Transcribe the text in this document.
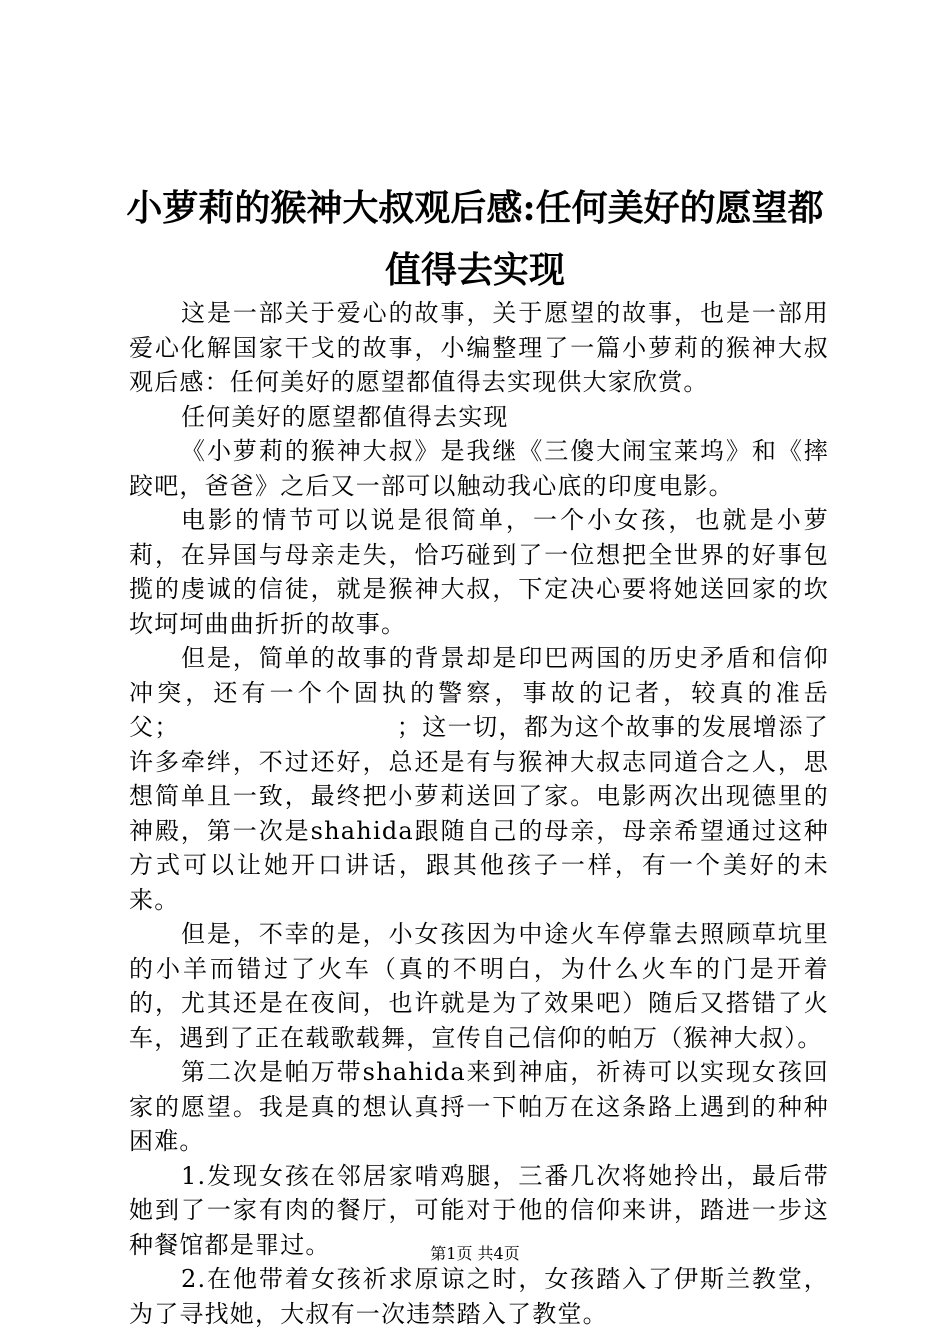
小萝莉的猴神大叔观后感:任何美好的愿望都
值得去实现

这是一部关于爱心的故事，关于愿望的故事，也是一部用爱心化解国家干戈的故事，小编整理了一篇小萝莉的猴神大叔观后感：任何美好的愿望都值得去实现供大家欣赏。

任何美好的愿望都值得去实现

《小萝莉的猴神大叔》是我继《三傻大闹宝莱坞》和《摔跤吧，爸爸》之后又一部可以触动我心底的印度电影。

电影的情节可以说是很简单，一个小女孩，也就是小萝莉，在异国与母亲走失，恰巧碰到了一位想把全世界的好事包揽的虔诚的信徒，就是猴神大叔，下定决心要将她送回家的坎坎坷坷曲曲折折的故事。

但是，简单的故事的背景却是印巴两国的历史矛盾和信仰冲突，还有一个个固执的警察，事故的记者，较真的准岳父；　　　　　　　　　；这一切，都为这个故事的发展增添了许多牵绊，不过还好，总还是有与猴神大叔志同道合之人，思想简单且一致，最终把小萝莉送回了家。电影两次出现德里的神殿，第一次是shahida跟随自己的母亲，母亲希望通过这种方式可以让她开口讲话，跟其他孩子一样，有一个美好的未来。

但是，不幸的是，小女孩因为中途火车停靠去照顾草坑里的小羊而错过了火车（真的不明白，为什么火车的门是开着的，尤其还是在夜间，也许就是为了效果吧）随后又搭错了火车，遇到了正在载歌载舞，宣传自己信仰的帕万（猴神大叔）。

第二次是帕万带shahida来到神庙，祈祷可以实现女孩回家的愿望。我是真的想认真捋一下帕万在这条路上遇到的种种困难。

1.发现女孩在邻居家啃鸡腿，三番几次将她拎出，最后带她到了一家有肉的餐厅，可能对于他的信仰来讲，踏进一步这种餐馆都是罪过。

2.在他带着女孩祈求原谅之时，女孩踏入了伊斯兰教堂，为了寻找她，大叔有一次违禁踏入了教堂。

第1页 共4页
